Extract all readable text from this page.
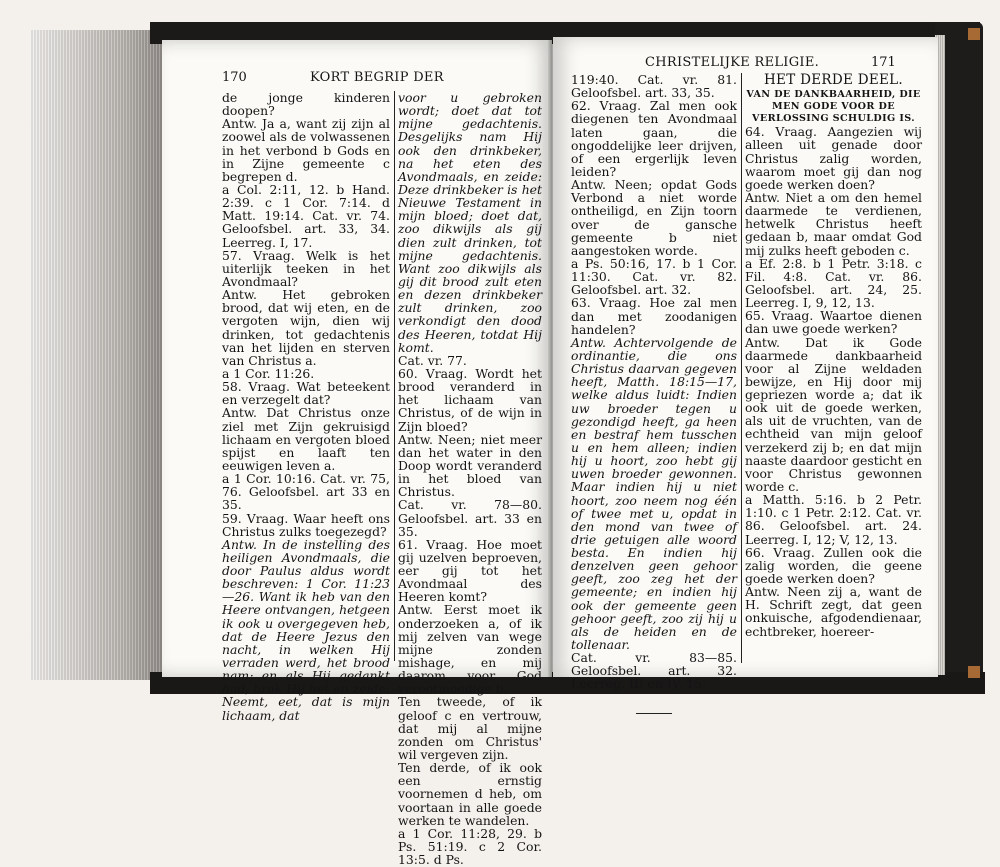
170	KORT BEGRIP DER

de jonge kinderen doopen?

Antw. Ja a, want zij zijn al zoowel als de volwassenen in het verbond b Gods en in Zijne gemeente c begrepen d.

a Col. 2:11, 12. b Hand. 2:39. c 1 Cor. 7:14. d Matt. 19:14. Cat. vr. 74. Geloofsbel. art. 33, 34. Leerreg. I, 17.

57. Vraag. Welk is het uiterlijk teeken in het Avondmaal?

Antw. Het gebroken brood, dat wij eten, en de vergoten wijn, dien wij drinken, tot gedachtenis van het lijden en sterven van Christus a.

a 1 Cor. 11:26.

58. Vraag. Wat beteekent en verzegelt dat?

Antw. Dat Christus onze ziel met Zijn gekruisigd lichaam en vergoten bloed spijst en laaft ten eeuwigen leven a.

a 1 Cor. 10:16. Cat. vr. 75, 76. Geloofsbel. art 33 en 35.

59. Vraag. Waar heeft ons Christus zulks toegezegd?

Antw. In de instelling des heiligen Avondmaals, die door Paulus aldus wordt beschreven: 1 Cor. 11:23—26. Want ik heb van den Heere ontvangen, hetgeen ik ook u overgegeven heb, dat de Heere Jezus den nacht, in welken Hij verraden werd, het brood nam; en als Hij gedankt had, brak Hij het en zeide: Neemt, eet, dat is mijn lichaam, dat

voor u gebroken wordt; doet dat tot mijne gedachtenis. Desgelijks nam Hij ook den drinkbeker, na het eten des Avondmaals, en zeide: Deze drinkbeker is het Nieuwe Testament in mijn bloed; doet dat, zoo dikwijls als gij dien zult drinken, tot mijne gedachtenis. Want zoo dikwijls als gij dit brood zult eten en dezen drinkbeker zult drinken, zoo verkondigt den dood des Heeren, totdat Hij komt.

Cat. vr. 77.

60. Vraag. Wordt het brood veranderd in het lichaam van Christus, of de wijn in Zijn bloed?

Antw. Neen; niet meer dan het water in den Doop wordt veranderd in het bloed van Christus.

Cat. vr. 78—80. Geloofsbel. art. 33 en 35.

61. Vraag. Hoe moet gij uzelven beproeven, eer gij tot het Avondmaal des Heeren komt?

Antw. Eerst moet ik onderzoeken a, of ik mij zelven van wege mijne zonden mishage, en mij daarom voor God verootmoedige b.

Ten tweede, of ik geloof c en vertrouw, dat mij al mijne zonden om Christus' wil vergeven zijn.

Ten derde, of ik ook een ernstig voornemen d heb, om voortaan in alle goede werken te wandelen.

a 1 Cor. 11:28, 29. b Ps. 51:19. c 2 Cor. 13:5. d Ps.

CHRISTELIJKE RELIGIE.	171

119:40. Cat. vr. 81. Geloofsbel. art. 33, 35.

62. Vraag. Zal men ook diegenen ten Avondmaal laten gaan, die ongoddelijke leer drijven, of een ergerlijk leven leiden?

Antw. Neen; opdat Gods Verbond a niet worde ontheiligd, en Zijn toorn over de gansche gemeente b niet aangestoken worde.

a Ps. 50:16, 17. b 1 Cor. 11:30. Cat. vr. 82. Geloofsbel. art. 32.

63. Vraag. Hoe zal men dan met zoodanigen handelen?

Antw. Achtervolgende de ordinantie, die ons Christus daarvan gegeven heeft, Matth. 18:15—17, welke aldus luidt: Indien uw broeder tegen u gezondigd heeft, ga heen en bestraf hem tusschen u en hem alleen; indien hij u hoort, zoo hebt gij uwen broeder gewonnen. Maar indien hij u niet hoort, zoo neem nog één of twee met u, opdat in den mond van twee of drie getuigen alle woord besta. En indien hij denzelven geen gehoor geeft, zoo zeg het der gemeente; en indien hij ook der gemeente geen gehoor geeft, zoo zij hij u als de heiden en de tollenaar.

Cat. vr. 83—85. Geloofsbel. art. 32. Leerreg. III en IV, 15.

HET DERDE DEEL.

VAN DE DANKBAARHEID, DIE MEN GODE VOOR DE VERLOSSING SCHULDIG IS.

64. Vraag. Aangezien wij alleen uit genade door Christus zalig worden, waarom moet gij dan nog goede werken doen?

Antw. Niet a om den hemel daarmede te verdienen, hetwelk Christus heeft gedaan b, maar omdat God mij zulks heeft geboden c.

a Ef. 2:8. b 1 Petr. 3:18. c Fil. 4:8. Cat. vr. 86. Geloofsbel. art. 24, 25. Leerreg. I, 9, 12, 13.

65. Vraag. Waartoe dienen dan uwe goede werken?

Antw. Dat ik Gode daarmede dankbaarheid voor al Zijne weldaden bewijze, en Hij door mij gepriezen worde a; dat ik ook uit de goede werken, als uit de vruchten, van de echtheid van mijn geloof verzekerd zij b; en dat mijn naaste daardoor gesticht en voor Christus gewonnen worde c.

a Matth. 5:16. b 2 Petr. 1:10. c 1 Petr. 2:12. Cat. vr. 86. Geloofsbel. art. 24. Leerreg. I, 12; V, 12, 13.

66. Vraag. Zullen ook die zalig worden, die geene goede werken doen?

Antw. Neen zij a, want de H. Schrift zegt, dat geen onkuische, afgodendienaar, echtbreker, hoereer-
